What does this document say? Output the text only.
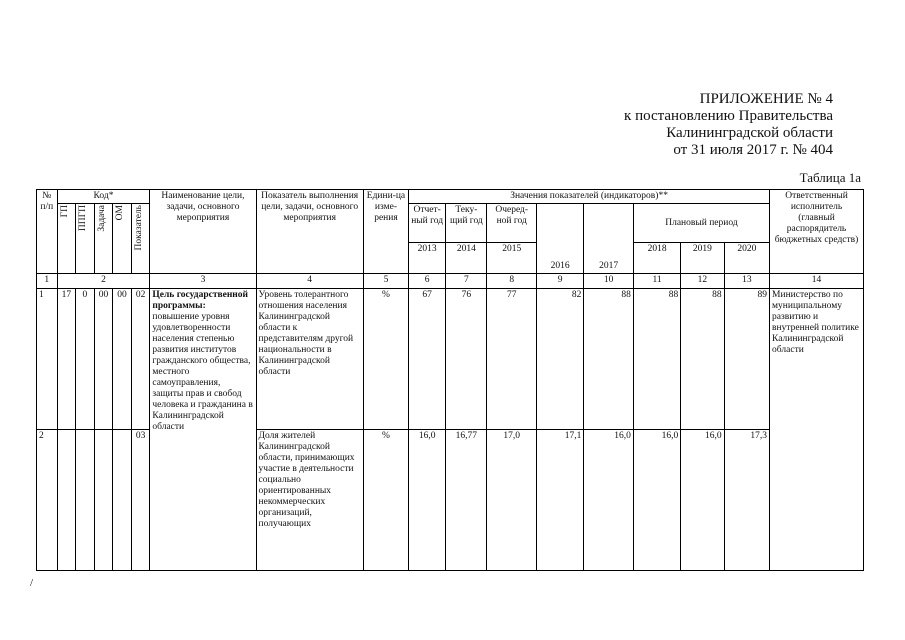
ПРИЛОЖЕНИЕ № 4
к постановлению Правительства
Калининградской области
от 31 июля 2017 г. № 404
Таблица 1а
№ п/п	Код*					Наименование цели, задачи, основного мероприятия	Показатель выполнения цели, задачи, основного мероприятия	Едини-ца изме-рения	Значения показателей (индикаторов)**								Ответственный исполнитель (главный распорядитель бюджетных средств)

	ГП	ППГП	Задача	ОМ	Показатель				Отчет-ный год	Теку-щий год	Очеред-ной год	2016	2017	Плановый период			
									2013	2014	2015			2018	2019	2020	
1	2					3	4	5	6	7	8	9	10	11	12	13	14
1	17	0	00	00	02	Цель государственной программы: повышение уровня удовлетворенности населения степенью развития институтов гражданского общества, местного самоуправления, защиты прав и свобод человека и гражданина в Калининградской области	Уровень толерантного отношения населения Калининградской области к представителям другой национальности в Калининградской области	%	67	76	77	82	88	88	88	89	Министерство по муниципальному развитию и внутренней политике Калининградской области
2					03		Доля жителей Калининградской области, принимающих участие в деятельности социально ориентированных некоммерческих организаций, получающих	%	16,0	16,77	17,0	17,1	16,0	16,0	16,0	17,3	
/
